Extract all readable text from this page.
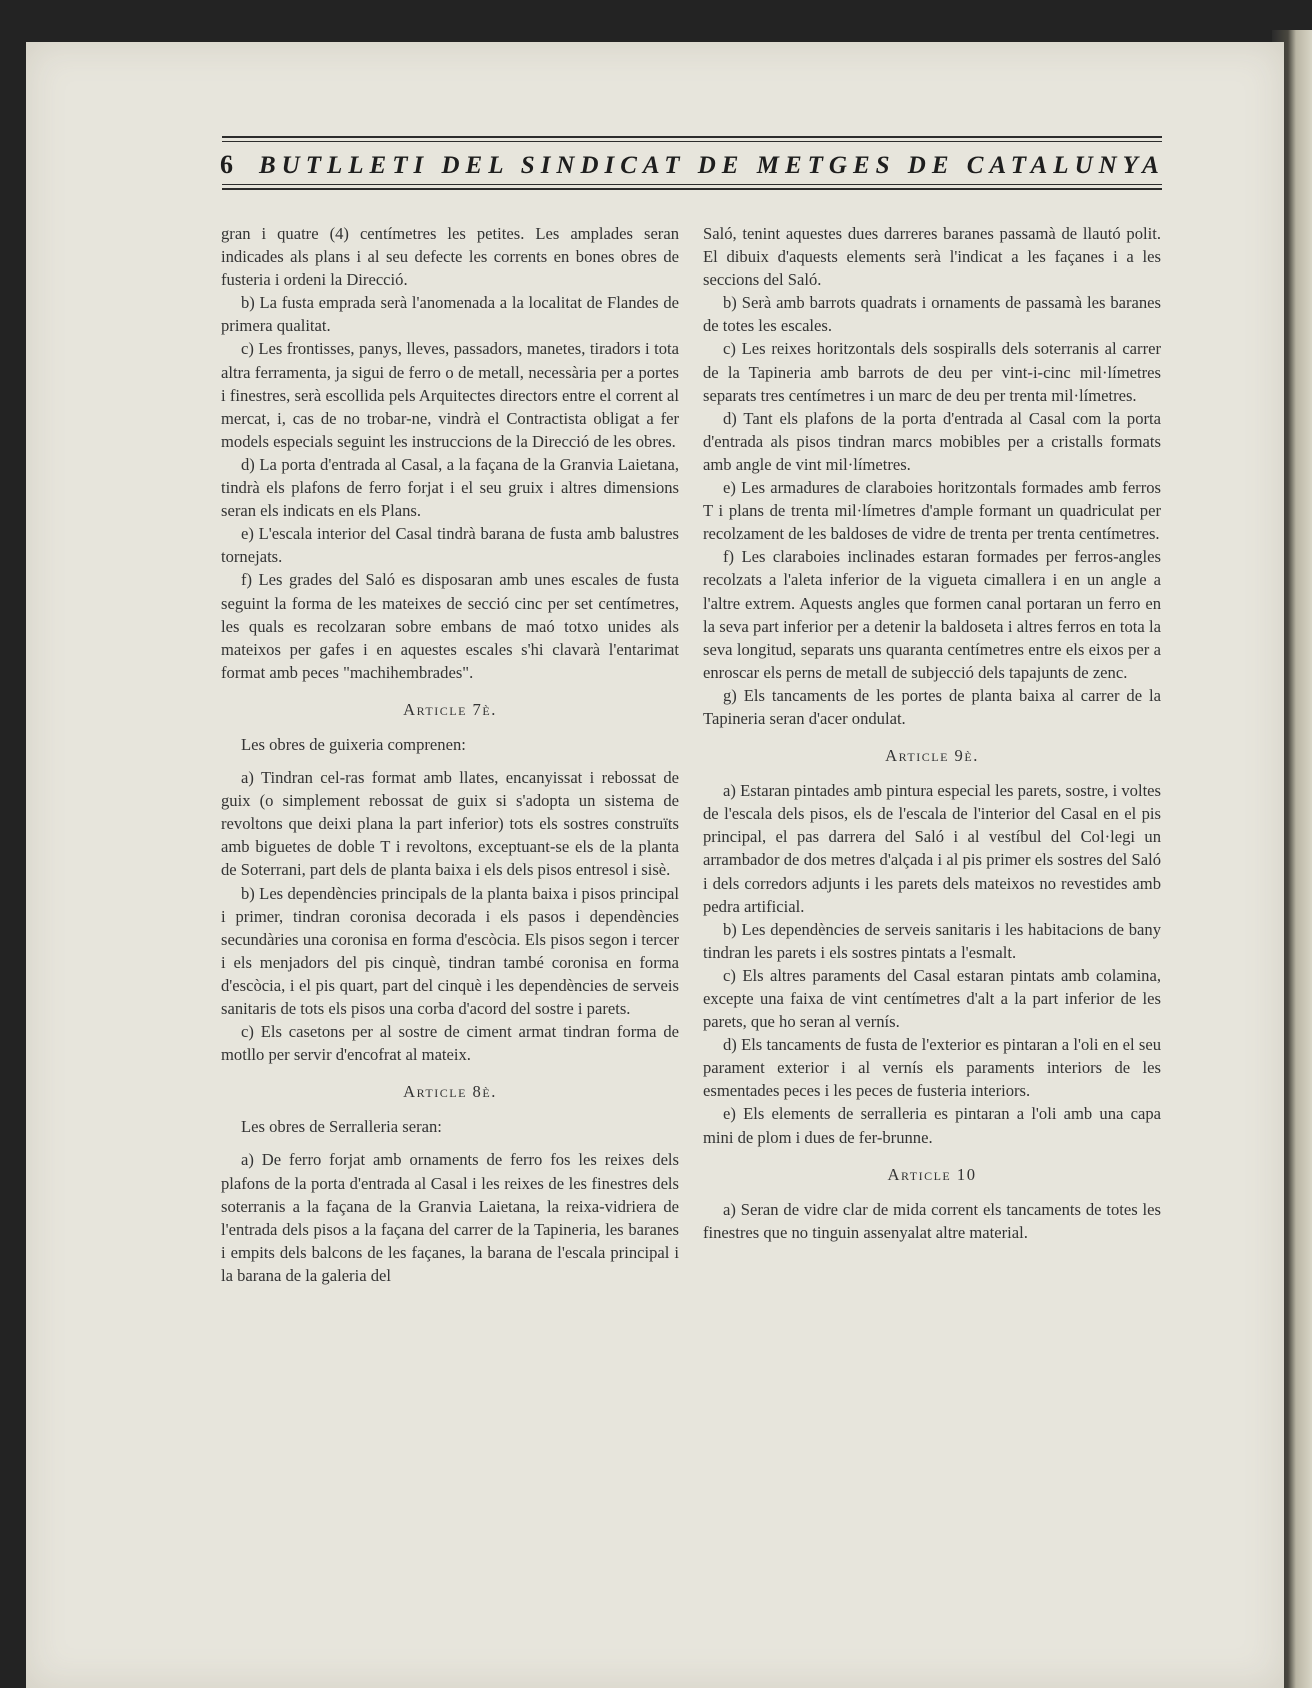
6 BUTLLETI DEL SINDICAT DE METGES DE CATALUNYA

gran i quatre (4) centímetres les petites. Les amplades seran indicades als plans i al seu defecte les corrents en bones obres de fusteria i ordeni la Direcció.

b) La fusta emprada serà l'anomenada a la localitat de Flandes de primera qualitat.

c) Les frontisses, panys, lleves, passadors, manetes, tiradors i tota altra ferramenta, ja sigui de ferro o de metall, necessària per a portes i finestres, serà escollida pels Arquitectes directors entre el corrent al mercat, i, cas de no trobar-ne, vindrà el Contractista obligat a fer models especials seguint les instruccions de la Direcció de les obres.

d) La porta d'entrada al Casal, a la façana de la Granvia Laietana, tindrà els plafons de ferro forjat i el seu gruix i altres dimensions seran els indicats en els Plans.

e) L'escala interior del Casal tindrà barana de fusta amb balustres tornejats.

f) Les grades del Saló es disposaran amb unes escales de fusta seguint la forma de les mateixes de secció cinc per set centímetres, les quals es recolzaran sobre embans de maó totxo unides als mateixos per gafes i en aquestes escales s'hi clavarà l'entarimat format amb peces "machihembrades".

Article 7è.

Les obres de guixeria comprenen:

a) Tindran cel-ras format amb llates, encanyissat i rebossat de guix (o simplement rebossat de guix si s'adopta un sistema de revoltons que deixi plana la part inferior) tots els sostres construïts amb biguetes de doble T i revoltons, exceptuant-se els de la planta de Soterrani, part dels de planta baixa i els dels pisos entresol i sisè.

b) Les dependències principals de la planta baixa i pisos principal i primer, tindran coronisa decorada i els pasos i dependències secundàries una coronisa en forma d'escòcia. Els pisos segon i tercer i els menjadors del pis cinquè, tindran també coronisa en forma d'escòcia, i el pis quart, part del cinquè i les dependències de serveis sanitaris de tots els pisos una corba d'acord del sostre i parets.

c) Els casetons per al sostre de ciment armat tindran forma de motllo per servir d'encofrat al mateix.

Article 8è.

Les obres de Serralleria seran:

a) De ferro forjat amb ornaments de ferro fos les reixes dels plafons de la porta d'entrada al Casal i les reixes de les finestres dels soterranis a la façana de la Granvia Laietana, la reixa-vidriera de l'entrada dels pisos a la façana del carrer de la Tapineria, les baranes i empits dels balcons de les façanes, la barana de l'escala principal i la barana de la galeria del

Saló, tenint aquestes dues darreres baranes passamà de llautó polit. El dibuix d'aquests elements serà l'indicat a les façanes i a les seccions del Saló.

b) Serà amb barrots quadrats i ornaments de passamà les baranes de totes les escales.

c) Les reixes horitzontals dels sospiralls dels soterranis al carrer de la Tapineria amb barrots de deu per vint-i-cinc mil·límetres separats tres centímetres i un marc de deu per trenta mil·límetres.

d) Tant els plafons de la porta d'entrada al Casal com la porta d'entrada als pisos tindran marcs mobibles per a cristalls formats amb angle de vint mil·límetres.

e) Les armadures de claraboies horitzontals formades amb ferros T i plans de trenta mil·límetres d'ample formant un quadriculat per recolzament de les baldoses de vidre de trenta per trenta centímetres.

f) Les claraboies inclinades estaran formades per ferros-angles recolzats a l'aleta inferior de la vigueta cimallera i en un angle a l'altre extrem. Aquests angles que formen canal portaran un ferro en la seva part inferior per a detenir la baldoseta i altres ferros en tota la seva longitud, separats uns quaranta centímetres entre els eixos per a enroscar els perns de metall de subjecció dels tapajunts de zenc.

g) Els tancaments de les portes de planta baixa al carrer de la Tapineria seran d'acer ondulat.

Article 9è.

a) Estaran pintades amb pintura especial les parets, sostre, i voltes de l'escala dels pisos, els de l'escala de l'interior del Casal en el pis principal, el pas darrera del Saló i al vestíbul del Col·legi un arrambador de dos metres d'alçada i al pis primer els sostres del Saló i dels corredors adjunts i les parets dels mateixos no revestides amb pedra artificial.

b) Les dependències de serveis sanitaris i les habitacions de bany tindran les parets i els sostres pintats a l'esmalt.

c) Els altres paraments del Casal estaran pintats amb colamina, excepte una faixa de vint centímetres d'alt a la part inferior de les parets, que ho seran al vernís.

d) Els tancaments de fusta de l'exterior es pintaran a l'oli en el seu parament exterior i al vernís els paraments interiors de les esmentades peces i les peces de fusteria interiors.

e) Els elements de serralleria es pintaran a l'oli amb una capa mini de plom i dues de fer-brunne.

Article 10

a) Seran de vidre clar de mida corrent els tancaments de totes les finestres que no tinguin assenyalat altre material.
